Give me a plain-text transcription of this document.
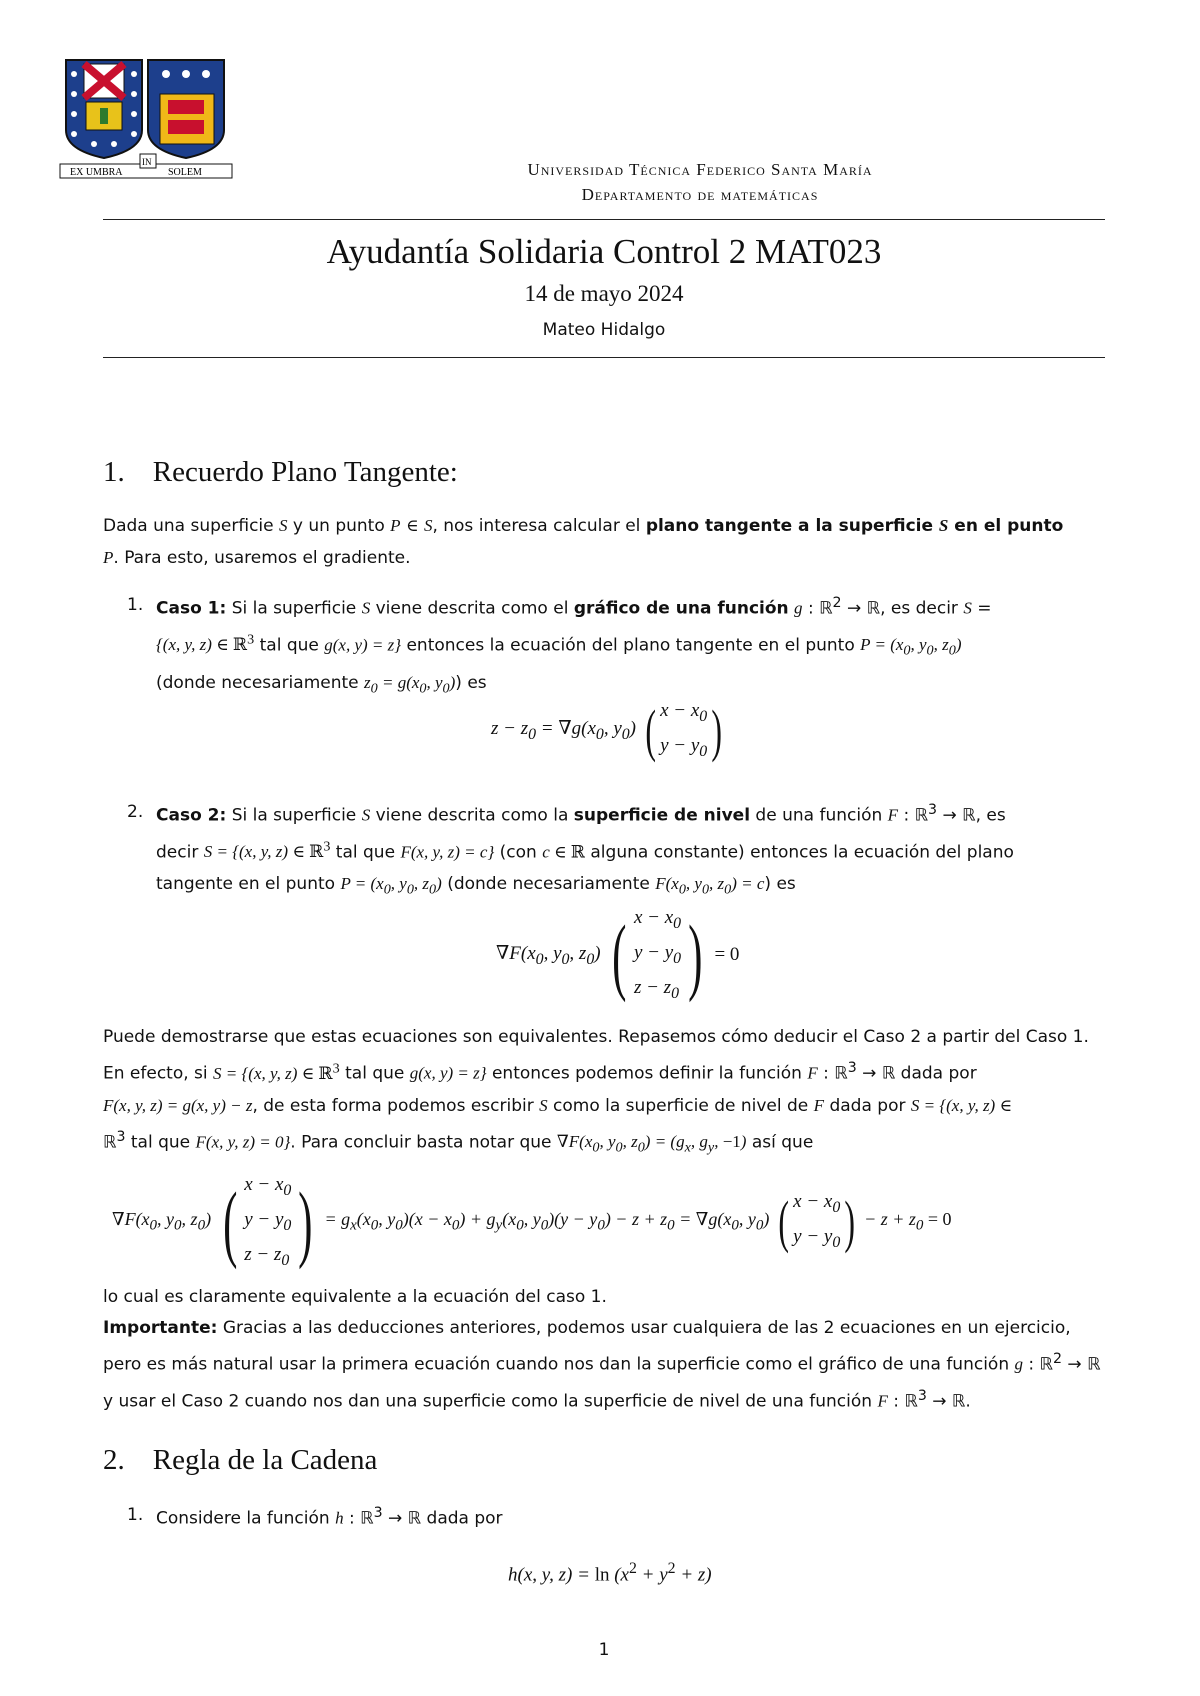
EX UMBRA
IN
SOLEM	Universidad Técnica Federico Santa María
Departamento de matemáticas
Ayudantía Solidaria Control 2 MAT023
14 de mayo 2024
Mateo Hidalgo
1. Recuerdo Plano Tangente:
Dada una superficie S y un punto P ∈ S, nos interesa calcular el plano tangente a la superficie S en el punto
P. Para esto, usaremos el gradiente.
1. Caso 1: Si la superficie S viene descrita como el gráfico de una función g : ℝ$^2$ → ℝ, es decir S =
{(x, y, z) ∈ ℝ$^3$ tal que g(x, y) = z} entonces la ecuación del plano tangente en el punto $P = (x_0$, $y_0$, $z_0$)
(donde necesariamente $z_0 = g(x_0$, $y_0$)) es
$z - z_0 = \nabla g(x_0$, $y_0$) ( $x - x_0$
$y - y_0$)
2. Caso 2: Si la superficie S viene descrita como la superficie de nivel de una función F : ℝ$^3$ → ℝ, es
decir S = {(x, y, z) ∈ ℝ$^3$ tal que F(x, y, z) = c} (con c ∈ ℝ alguna constante) entonces la ecuación del plano
tangente en el punto $P = (x_0$, $y_0$, $z_0$) (donde necesariamente $F(x_0$, $y_0$, $z_0) = c$) es
$\nabla F(x_0$, $y_0$, $z_0$) ( $x - x_0$
$y - y_0$
$z - z_0$ ) = 0
Puede demostrarse que estas ecuaciones son equivalentes. Repasemos cómo deducir el Caso 2 a partir del Caso 1.
En efecto, si S = {(x, y, z) ∈ ℝ$^3$ tal que g(x, y) = z} entonces podemos definir la función F : ℝ$^3$ → ℝ dada por
F(x, y, z) = g(x, y) − z, de esta forma podemos escribir S como la superficie de nivel de F dada por S = {(x, y, z) ∈
ℝ$^3$ tal que F(x, y, z) = 0}. Para concluir basta notar que $\nabla F(x_0$, $y_0$, $z_0) = (g_x$, $g_y$, −1) así que
$\nabla F(x_0$, $y_0$, $z_0$) ( $x - x_0$
$y - y_0$
$z - z_0$ ) = $g_x(x_0$, $y_0)(x - x_0) + g_y(x_0$, $y_0)(y - y_0) - z + z_0 = \nabla g(x_0$, $y_0$) ( $x - x_0$
$y - y_0) - z + z_0 = 0$
lo cual es claramente equivalente a la ecuación del caso 1.
Importante: Gracias a las deducciones anteriores, podemos usar cualquiera de las 2 ecuaciones en un ejercicio,
pero es más natural usar la primera ecuación cuando nos dan la superficie como el gráfico de una función g : ℝ$^2$ → ℝ
y usar el Caso 2 cuando nos dan una superficie como la superficie de nivel de una función F : ℝ$^3$ → ℝ.
2. Regla de la Cadena
1. Considere la función h : ℝ$^3$ → ℝ dada por
h(x, y, $z) = \ln (x^2 + y^2 + z)$
1
